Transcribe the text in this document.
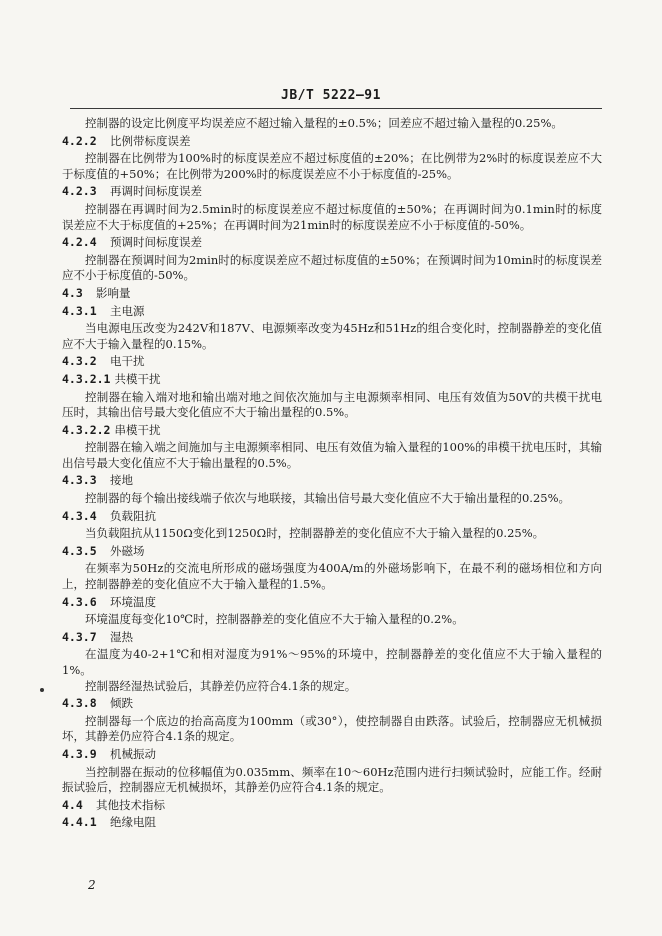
JB/T 5222—91

控制器的设定比例度平均误差应不超过输入量程的±0.5%；回差应不超过输入量程的0.25%。

4.2.2 比例带标度误差

控制器在比例带为100%时的标度误差应不超过标度值的±20%；在比例带为2%时的标度误差应不大于标度值的+50%；在比例带为200%时的标度误差应不小于标度值的-25%。

4.2.3 再调时间标度误差

控制器在再调时间为2.5min时的标度误差应不超过标度值的±50%；在再调时间为0.1min时的标度误差应不大于标度值的+25%；在再调时间为21min时的标度误差应不小于标度值的-50%。

4.2.4 预调时间标度误差

控制器在预调时间为2min时的标度误差应不超过标度值的±50%；在预调时间为10min时的标度误差应不小于标度值的-50%。

4.3 影响量
4.3.1 主电源

当电源电压改变为242V和187V、电源频率改变为45Hz和51Hz的组合变化时，控制器静差的变化值应不大于输入量程的0.15%。

4.3.2 电干扰
4.3.2.1 共模干扰

控制器在输入端对地和输出端对地之间依次施加与主电源频率相同、电压有效值为50V的共模干扰电压时，其输出信号最大变化值应不大于输出量程的0.5%。

4.3.2.2 串模干扰

控制器在输入端之间施加与主电源频率相同、电压有效值为输入量程的100%的串模干扰电压时，其输出信号最大变化值应不大于输出量程的0.5%。

4.3.3 接地

控制器的每个输出接线端子依次与地联接，其输出信号最大变化值应不大于输出量程的0.25%。

4.3.4 负载阻抗

当负载阻抗从1150Ω变化到1250Ω时，控制器静差的变化值应不大于输入量程的0.25%。

4.3.5 外磁场

在频率为50Hz的交流电所形成的磁场强度为400A/m的外磁场影响下，在最不利的磁场相位和方向上，控制器静差的变化值应不大于输入量程的1.5%。

4.3.6 环境温度

环境温度每变化10℃时，控制器静差的变化值应不大于输入量程的0.2%。

4.3.7 湿热

在温度为40-2+1℃和相对湿度为91%～95%的环境中，控制器静差的变化值应不大于输入量程的1%。

控制器经湿热试验后，其静差仍应符合4.1条的规定。

4.3.8 倾跌

控制器每一个底边的抬高高度为100mm（或30°），使控制器自由跌落。试验后，控制器应无机械损坏，其静差仍应符合4.1条的规定。

4.3.9 机械振动

当控制器在振动的位移幅值为0.035mm、频率在10～60Hz范围内进行扫频试验时，应能工作。经耐振试验后，控制器应无机械损坏，其静差仍应符合4.1条的规定。

4.4 其他技术指标
4.4.1 绝缘电阻
2
